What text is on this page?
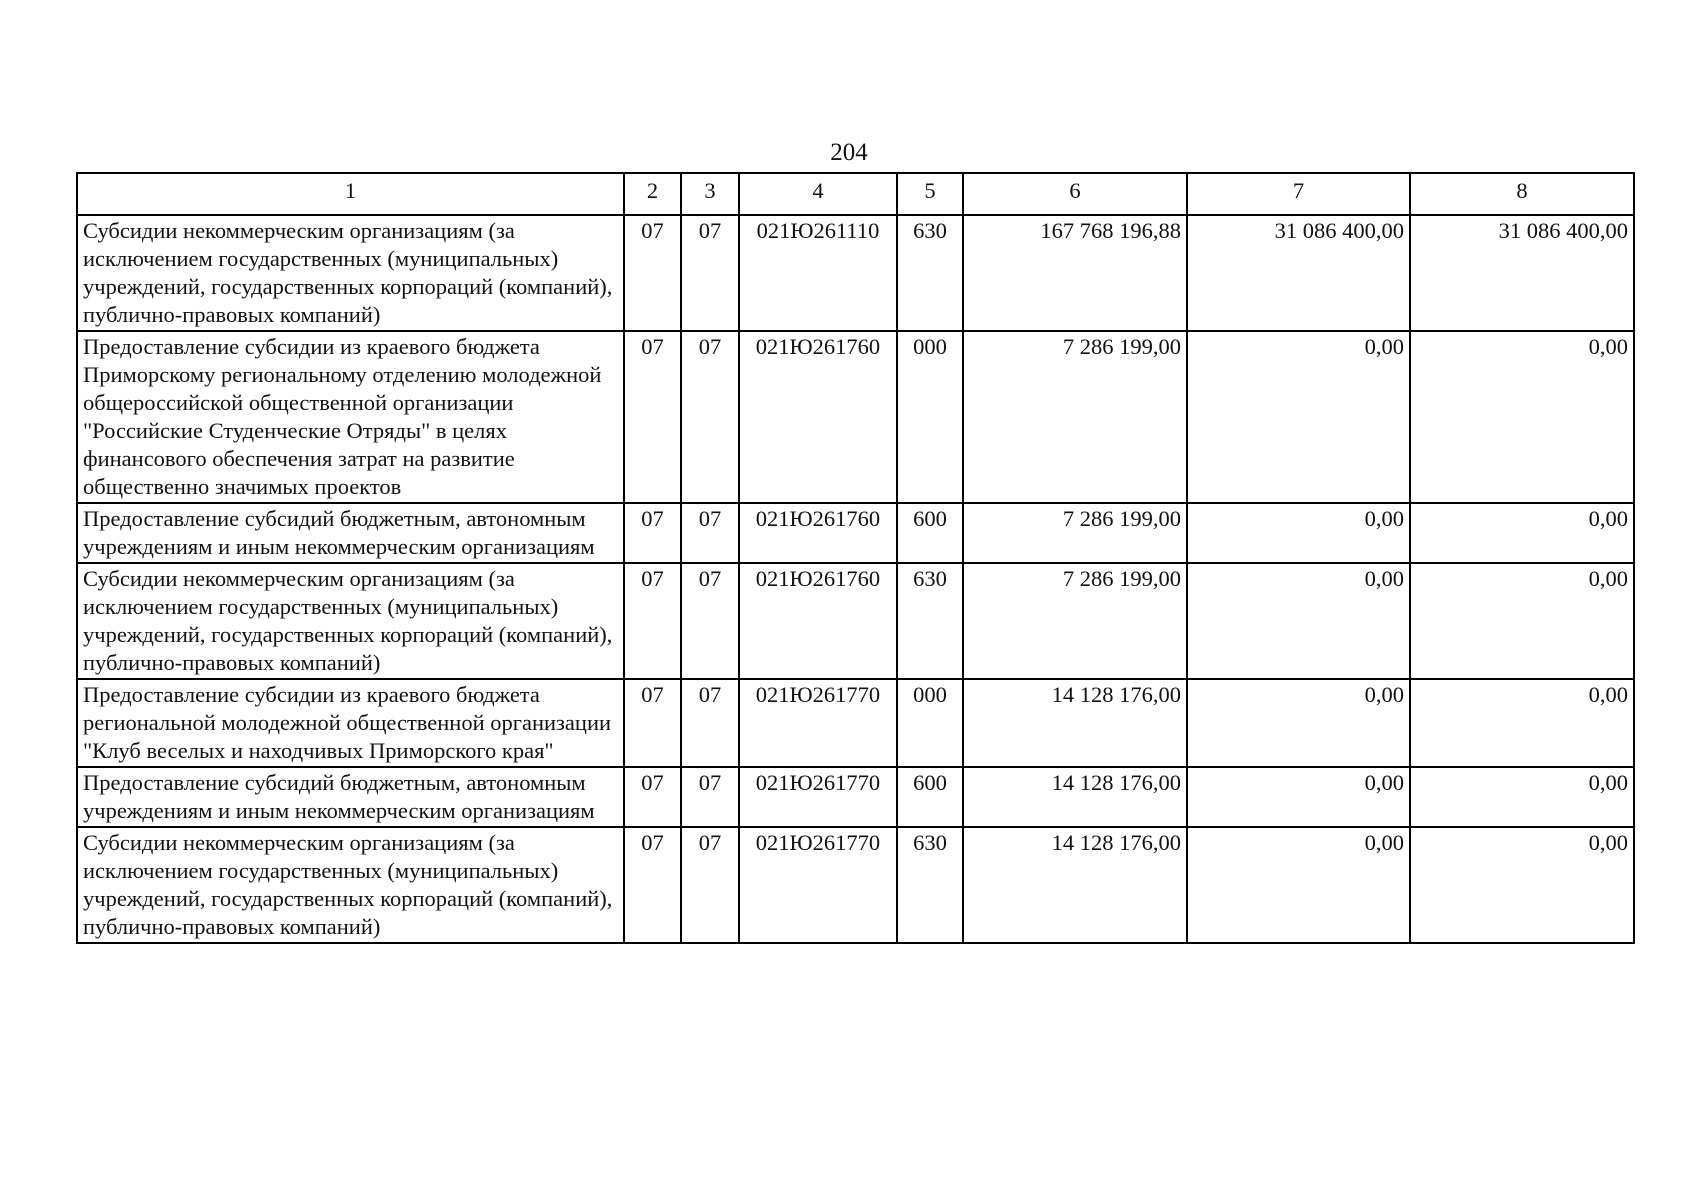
204
1	2	3	4	5	6	7	8
Субсидии некоммерческим организациям (за исключением государственных (муниципальных) учреждений, государственных корпораций (компаний), публично-правовых компаний)	07	07	021Ю261110	630	167 768 196,88	31 086 400,00	31 086 400,00
Предоставление субсидии из краевого бюджета Приморскому региональному отделению молодежной общероссийской общественной организации "Российские Студенческие Отряды" в целях финансового обеспечения затрат на развитие общественно значимых проектов	07	07	021Ю261760	000	7 286 199,00	0,00	0,00
Предоставление субсидий бюджетным, автономным учреждениям и иным некоммерческим организациям	07	07	021Ю261760	600	7 286 199,00	0,00	0,00
Субсидии некоммерческим организациям (за исключением государственных (муниципальных) учреждений, государственных корпораций (компаний), публично-правовых компаний)	07	07	021Ю261760	630	7 286 199,00	0,00	0,00
Предоставление субсидии из краевого бюджета региональной молодежной общественной организации "Клуб веселых и находчивых Приморского края"	07	07	021Ю261770	000	14 128 176,00	0,00	0,00
Предоставление субсидий бюджетным, автономным учреждениям и иным некоммерческим организациям	07	07	021Ю261770	600	14 128 176,00	0,00	0,00
Субсидии некоммерческим организациям (за исключением государственных (муниципальных) учреждений, государственных корпораций (компаний), публично-правовых компаний)	07	07	021Ю261770	630	14 128 176,00	0,00	0,00
